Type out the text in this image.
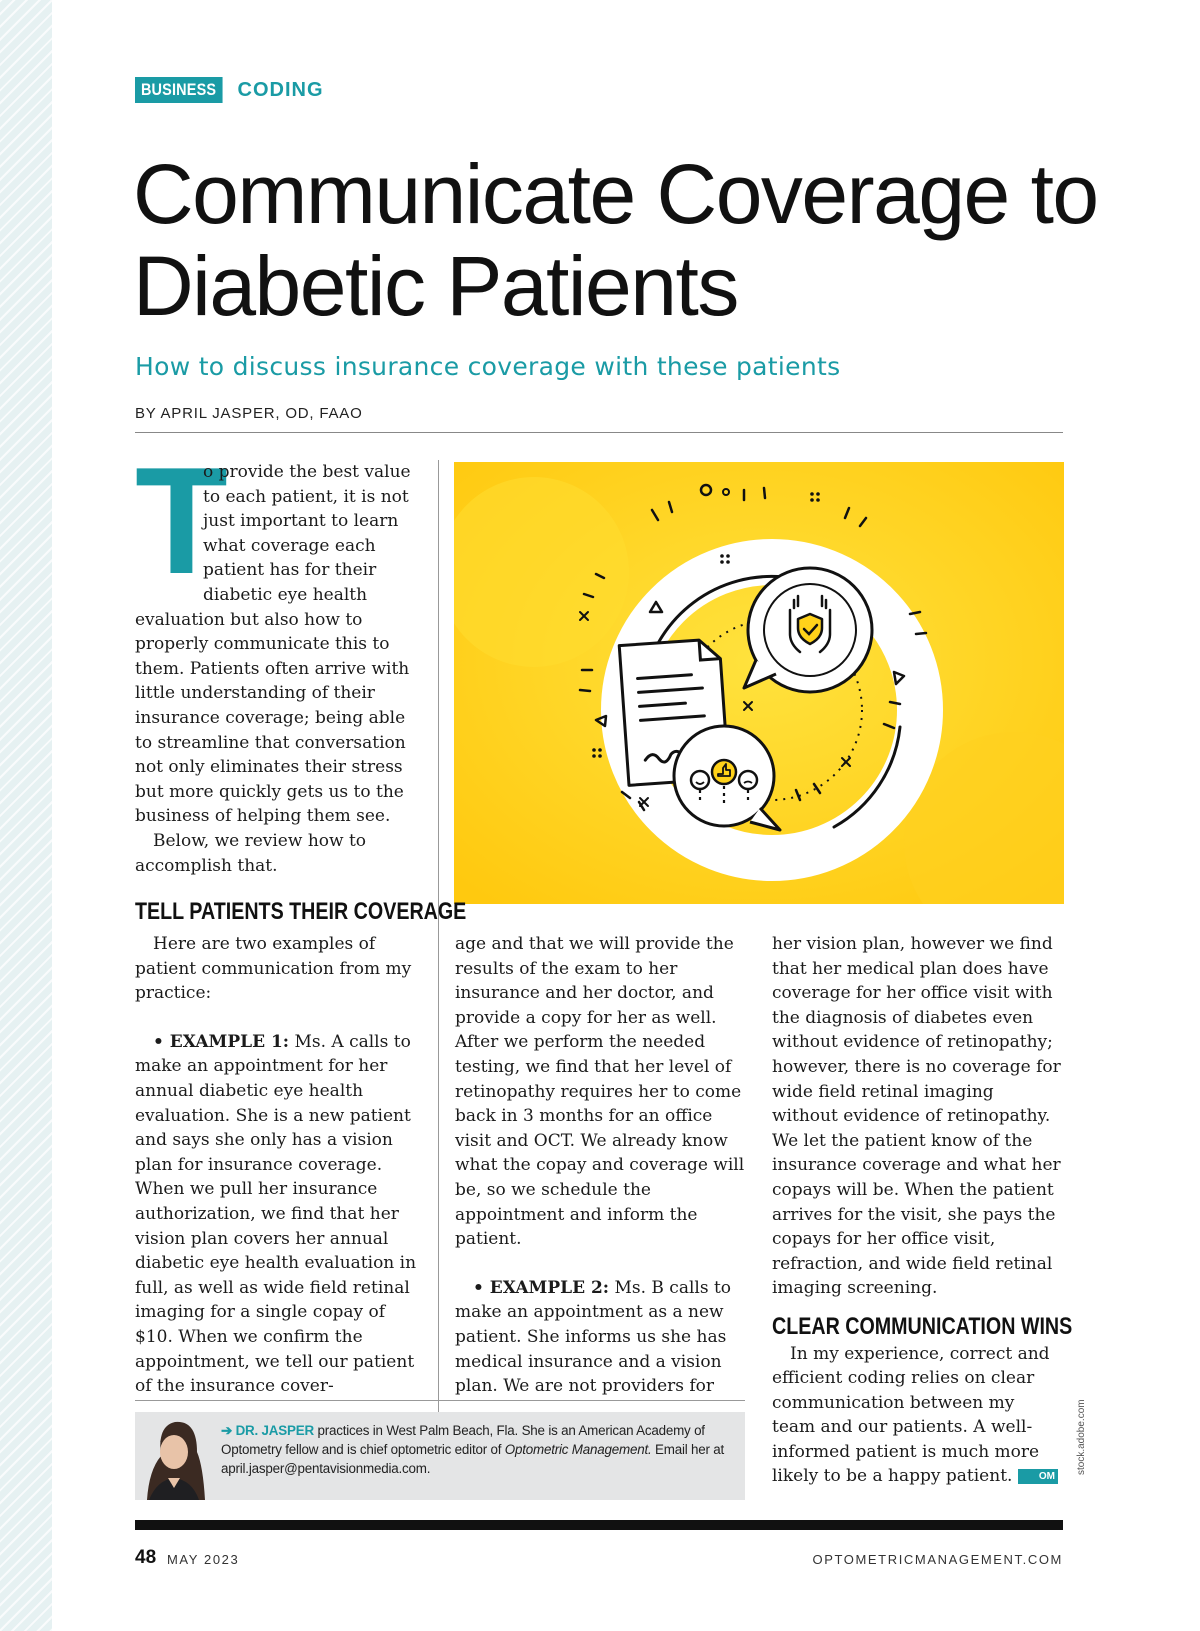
BUSINESS CODING
Communicate Coverage to Diabetic Patients
How to discuss insurance coverage with these patients
BY APRIL JASPER, OD, FAAO
T

o provide the best value to each patient, it is not just important to learn what coverage each patient has for their diabetic eye health evaluation but also how to properly communicate this to them. Patients often arrive with little understanding of their insurance coverage; being able to streamline that conversation not only eliminates their stress but more quickly gets us to the business of helping them see.

Below, we review how to accomplish that.

TELL PATIENTS THEIR COVERAGE

Here are two examples of patient communication from my practice:

• EXAMPLE 1: Ms. A calls to make an appointment for her annual diabetic eye health evaluation. She is a new patient and says she only has a vision plan for insurance coverage. When we pull her insurance authorization, we find that her vision plan covers her annual diabetic eye health evaluation in full, as well as wide field retinal imaging for a single copay of $10. When we confirm the appointment, we tell our patient of the insurance cover-

age and that we will provide the results of the exam to her insurance and her doctor, and provide a copy for her as well. After we perform the needed testing, we find that her level of retinopathy requires her to come back in 3 months for an office visit and OCT. We already know what the copay and coverage will be, so we schedule the appointment and inform the patient.

• EXAMPLE 2: Ms. B calls to make an appointment as a new patient. She informs us she has medical insurance and a vision plan. We are not providers for

her vision plan, however we find that her medical plan does have coverage for her office visit with the diagnosis of diabetes even without evidence of retinopathy; however, there is no coverage for wide field retinal imaging without evidence of retinopathy. We let the patient know of the insurance coverage and what her copays will be. When the patient arrives for the visit, she pays the copays for her office visit, refraction, and wide field retinal imaging screening.

CLEAR COMMUNICATION WINS

In my experience, correct and efficient coding relies on clear communication between my team and our patients. A well-informed patient is much more likely to be a happy patient.	OM

➔ DR. JASPER practices in West Palm Beach, Fla. She is an American Academy of Optometry fellow and is chief optometric editor of Optometric Management. Email her at april.jasper@pentavisionmedia.com.	stock.adobe.com
48 MAY 2023	OPTOMETRICMANAGEMENT.COM
